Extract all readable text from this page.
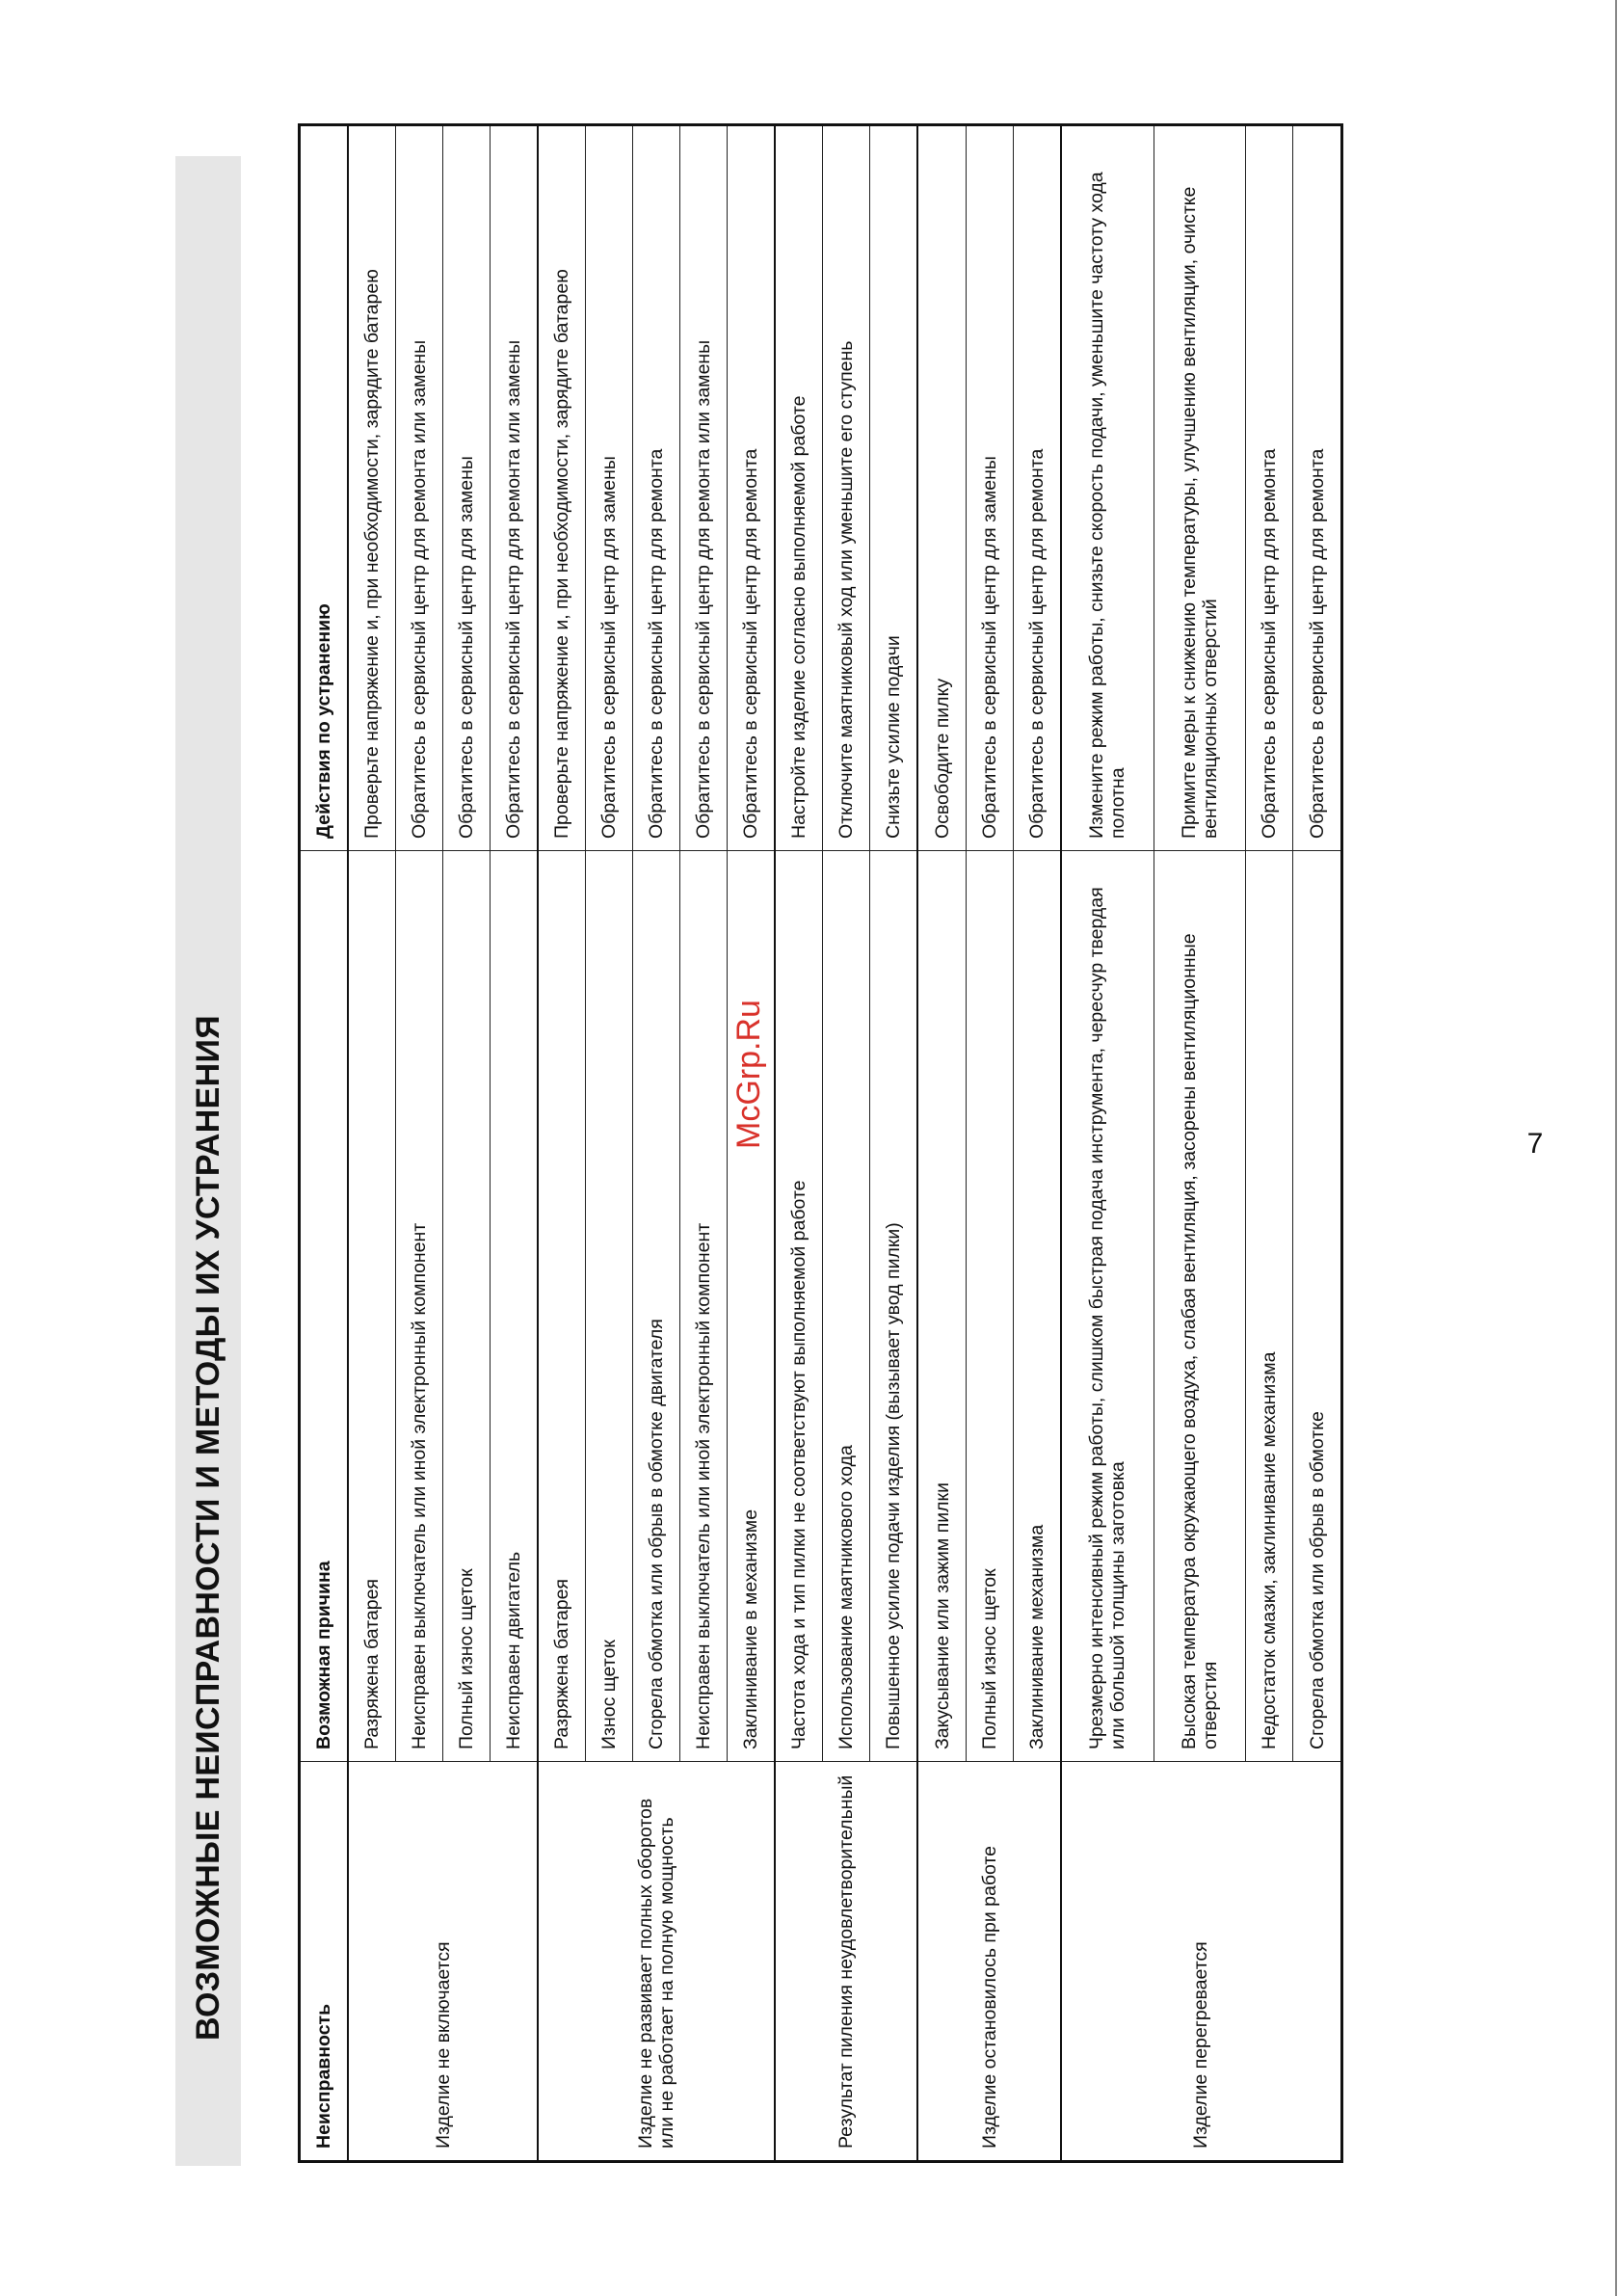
ВОЗМОЖНЫЕ НЕИСПРАВНОСТИ И МЕТОДЫ ИХ УСТРАНЕНИЯ
Неисправность	Возможная причина	Действия по устранению
Изделие не включается	Разряжена батарея	Проверьте напряжение и, при необходимости, зарядите батарею
	Неисправен выключатель или иной электронный компонент	Обратитесь в сервисный центр для ремонта или замены
	Полный износ щеток	Обратитесь в сервисный центр для замены
	Неисправен двигатель	Обратитесь в сервисный центр для ремонта или замены
Изделие не развивает полных оборотов или не работает на полную мощность	Разряжена батарея	Проверьте напряжение и, при необходимости, зарядите батарею
	Износ щеток	Обратитесь в сервисный центр для замены
	Сгорела обмотка или обрыв в обмотке двигателя	Обратитесь в сервисный центр для ремонта
	Неисправен выключатель или иной электронный компонент	Обратитесь в сервисный центр для ремонта или замены
	Заклинивание в механизме	Обратитесь в сервисный центр для ремонта
Результат пиления неудовлетворительный	Частота хода и тип пилки не соответствуют выполняемой работе	Настройте изделие согласно выполняемой работе
	Использование маятникового хода	Отключите маятниковый ход или уменьшите его ступень
	Повышенное усилие подачи изделия (вызывает увод пилки)	Снизьте усилие подачи
Изделие остановилось при работе	Закусывание или зажим пилки	Освободите пилку
	Полный износ щеток	Обратитесь в сервисный центр для замены
	Заклинивание механизма	Обратитесь в сервисный центр для ремонта
Изделие перегревается	Чрезмерно интенсивный режим работы, слишком быстрая подача инструмента, чересчур твердая или большой толщины заготовка	Измените режим работы, снизьте скорость подачи, уменьшите частоту хода полотна
	Высокая температура окружающего воздуха, слабая вентиляция, засорены вентиляционные отверстия	Примите меры к снижению температуры, улучшению вентиляции, очистке вентиляционных отверстий
	Недостаток смазки, заклинивание механизма	Обратитесь в сервисный центр для ремонта
	Сгорела обмотка или обрыв в обмотке	Обратитесь в сервисный центр для ремонта
McGrp.Ru	7
